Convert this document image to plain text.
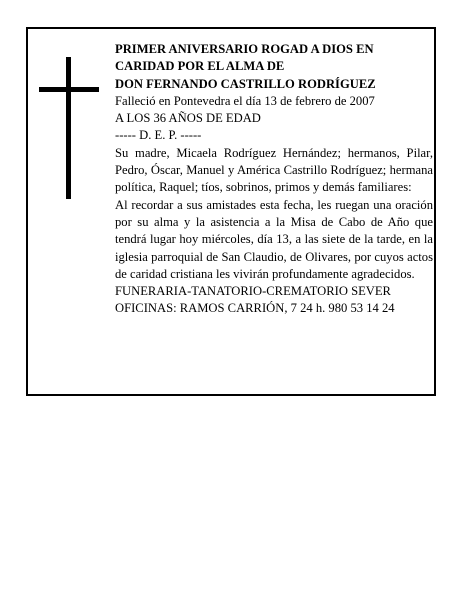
PRIMER ANIVERSARIO ROGAD A DIOS EN
CARIDAD POR EL ALMA DE
DON FERNANDO CASTRILLO RODRÍGUEZ
Falleció en Pontevedra el día 13 de febrero de 2007
A LOS 36 AÑOS DE EDAD
----- D. E. P. -----
Su madre, Micaela Rodríguez Hernández; hermanos, Pilar, Pedro, Óscar, Manuel y América Castrillo Rodríguez; hermana política, Raquel; tíos, sobrinos, primos y demás familiares:
Al recordar a sus amistades esta fecha, les ruegan una oración por su alma y la asistencia a la Misa de Cabo de Año que tendrá lugar hoy miércoles, día 13, a las siete de la tarde, en la iglesia parroquial de San Claudio, de Olivares, por cuyos actos de caridad cristiana les vivirán profundamente agradecidos.
FUNERARIA-TANATORIO-CREMATORIO SEVER
OFICINAS: RAMOS CARRIÓN, 7 24 h. 980 53 14 24
